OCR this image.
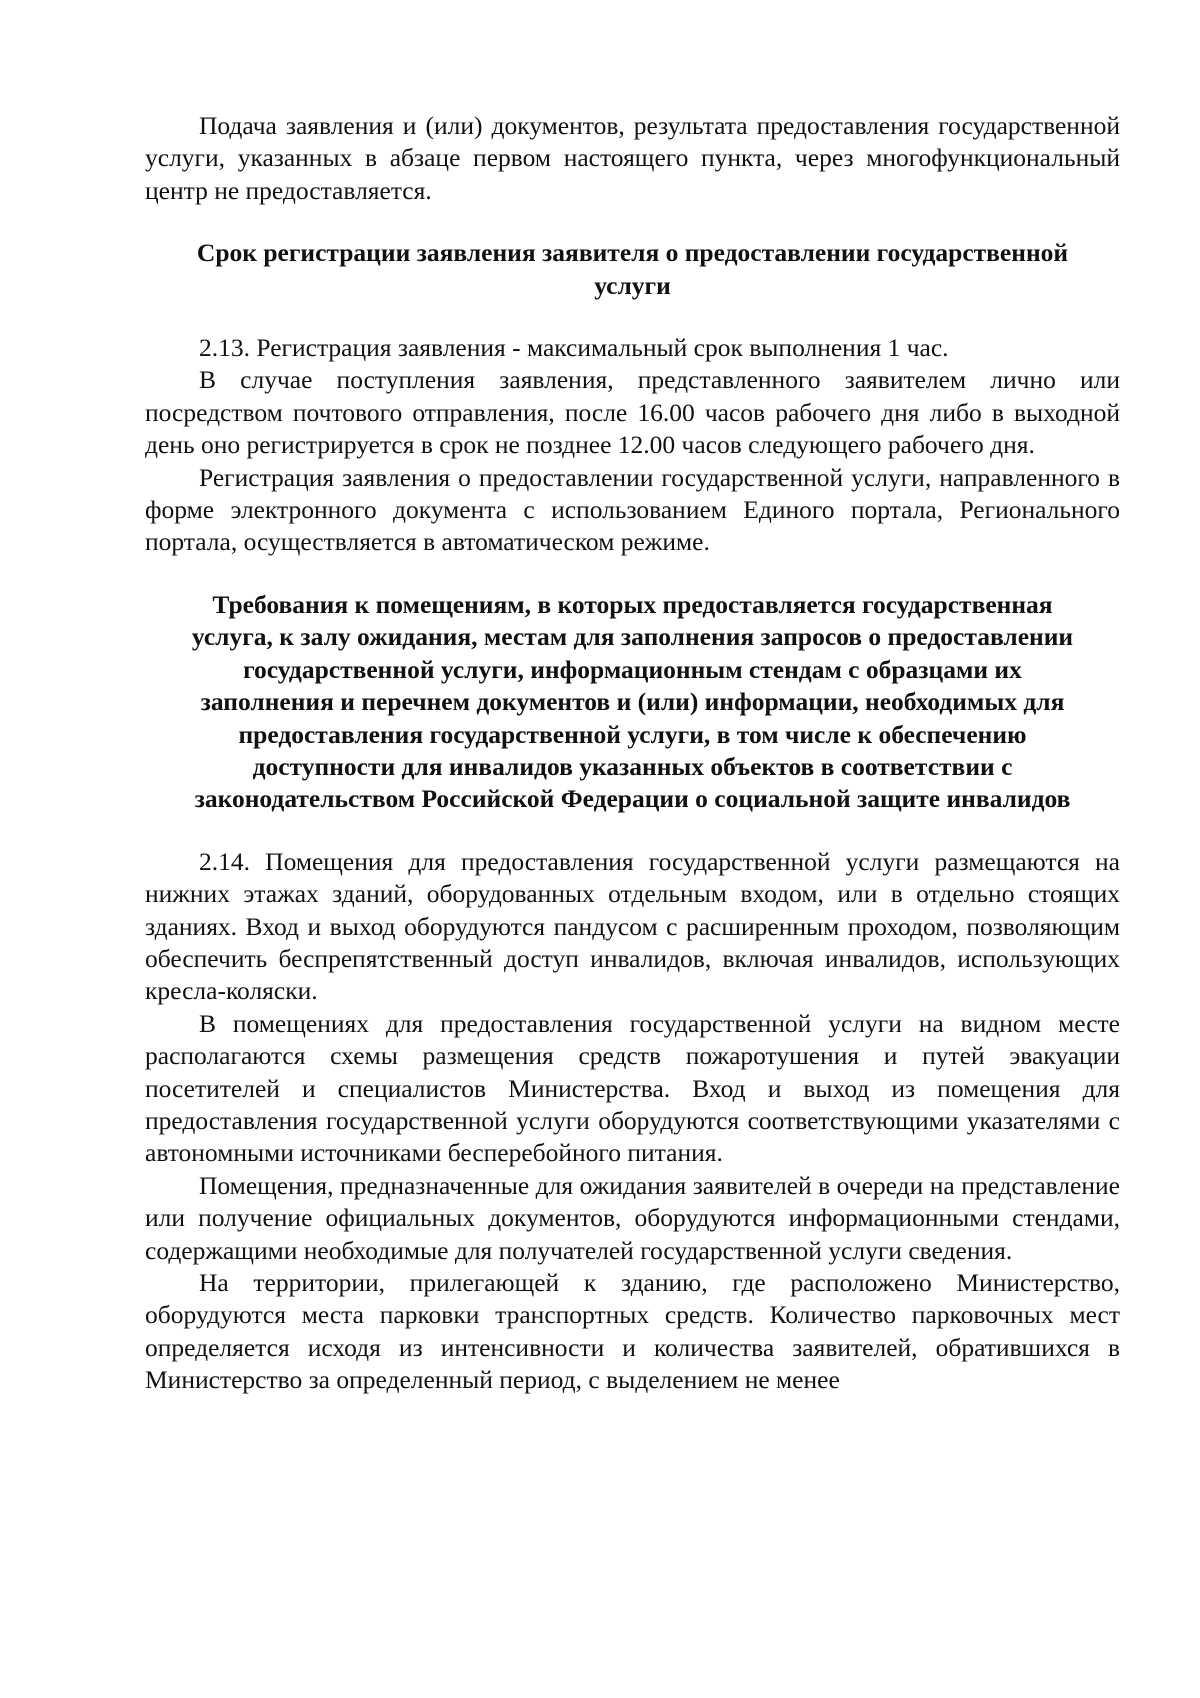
Подача заявления и (или) документов, результата предоставления государственной услуги, указанных в абзаце первом настоящего пункта, через многофункциональный центр не предоставляется.

Срок регистрации заявления заявителя о предоставлении государственной услуги

2.13. Регистрация заявления - максимальный срок выполнения 1 час.

В случае поступления заявления, представленного заявителем лично или посредством почтового отправления, после 16.00 часов рабочего дня либо в выходной день оно регистрируется в срок не позднее 12.00 часов следующего рабочего дня.

Регистрация заявления о предоставлении государственной услуги, направленного в форме электронного документа с использованием Единого портала, Регионального портала, осуществляется в автоматическом режиме.

Требования к помещениям, в которых предоставляется государственная услуга, к залу ожидания, местам для заполнения запросов о предоставлении государственной услуги, информационным стендам с образцами их заполнения и перечнем документов и (или) информации, необходимых для предоставления государственной услуги, в том числе к обеспечению доступности для инвалидов указанных объектов в соответствии с законодательством Российской Федерации о социальной защите инвалидов

2.14. Помещения для предоставления государственной услуги размещаются на нижних этажах зданий, оборудованных отдельным входом, или в отдельно стоящих зданиях. Вход и выход оборудуются пандусом с расширенным проходом, позволяющим обеспечить беспрепятственный доступ инвалидов, включая инвалидов, использующих кресла-коляски.

В помещениях для предоставления государственной услуги на видном месте располагаются схемы размещения средств пожаротушения и путей эвакуации посетителей и специалистов Министерства. Вход и выход из помещения для предоставления государственной услуги оборудуются соответствующими указателями с автономными источниками бесперебойного питания.

Помещения, предназначенные для ожидания заявителей в очереди на представление или получение официальных документов, оборудуются информационными стендами, содержащими необходимые для получателей государственной услуги сведения.

На территории, прилегающей к зданию, где расположено Министерство, оборудуются места парковки транспортных средств. Количество парковочных мест определяется исходя из интенсивности и количества заявителей, обратившихся в Министерство за определенный период, с выделением не менее
